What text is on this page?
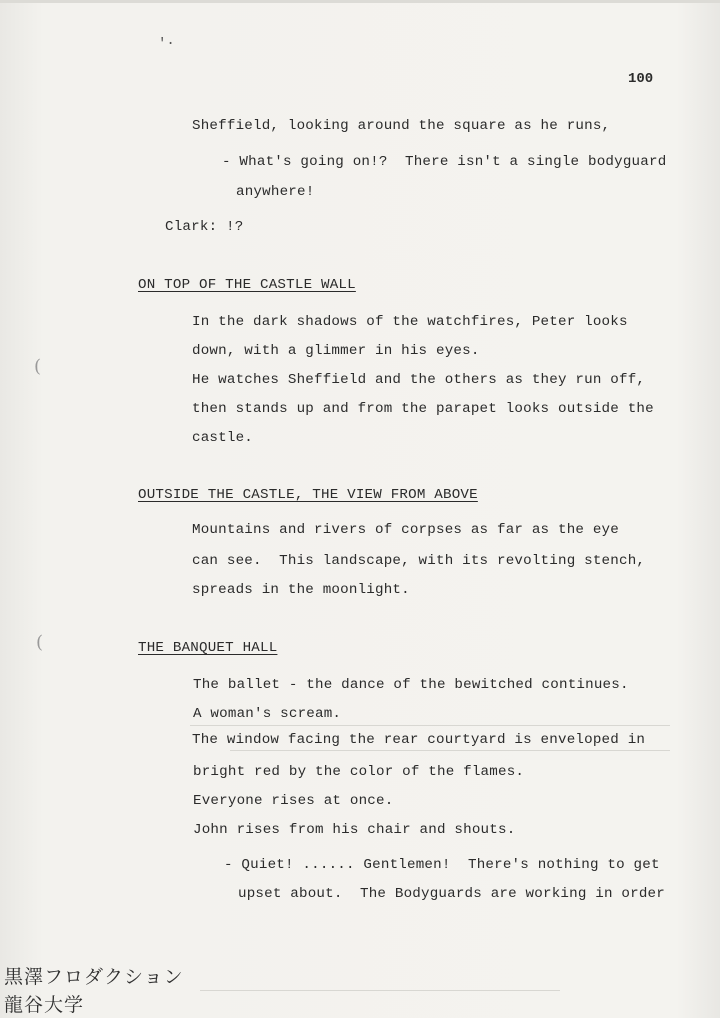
100
'·
(
(
Sheffield, looking around the square as he runs,
- What's going on!?  There isn't a single bodyguard
anywhere!
Clark: !?
ON TOP OF THE CASTLE WALL
In the dark shadows of the watchfires, Peter looks
down, with a glimmer in his eyes.
He watches Sheffield and the others as they run off,
then stands up and from the parapet looks outside the
castle.
OUTSIDE THE CASTLE, THE VIEW FROM ABOVE
Mountains and rivers of corpses as far as the eye
can see.  This landscape, with its revolting stench,
spreads in the moonlight.
THE BANQUET HALL
The ballet - the dance of the bewitched continues.
A woman's scream.
The window facing the rear courtyard is enveloped in
bright red by the color of the flames.
Everyone rises at once.
John rises from his chair and shouts.
- Quiet! ...... Gentlemen!  There's nothing to get
upset about.  The Bodyguards are working in order
黒澤フロダクション
龍谷大学
